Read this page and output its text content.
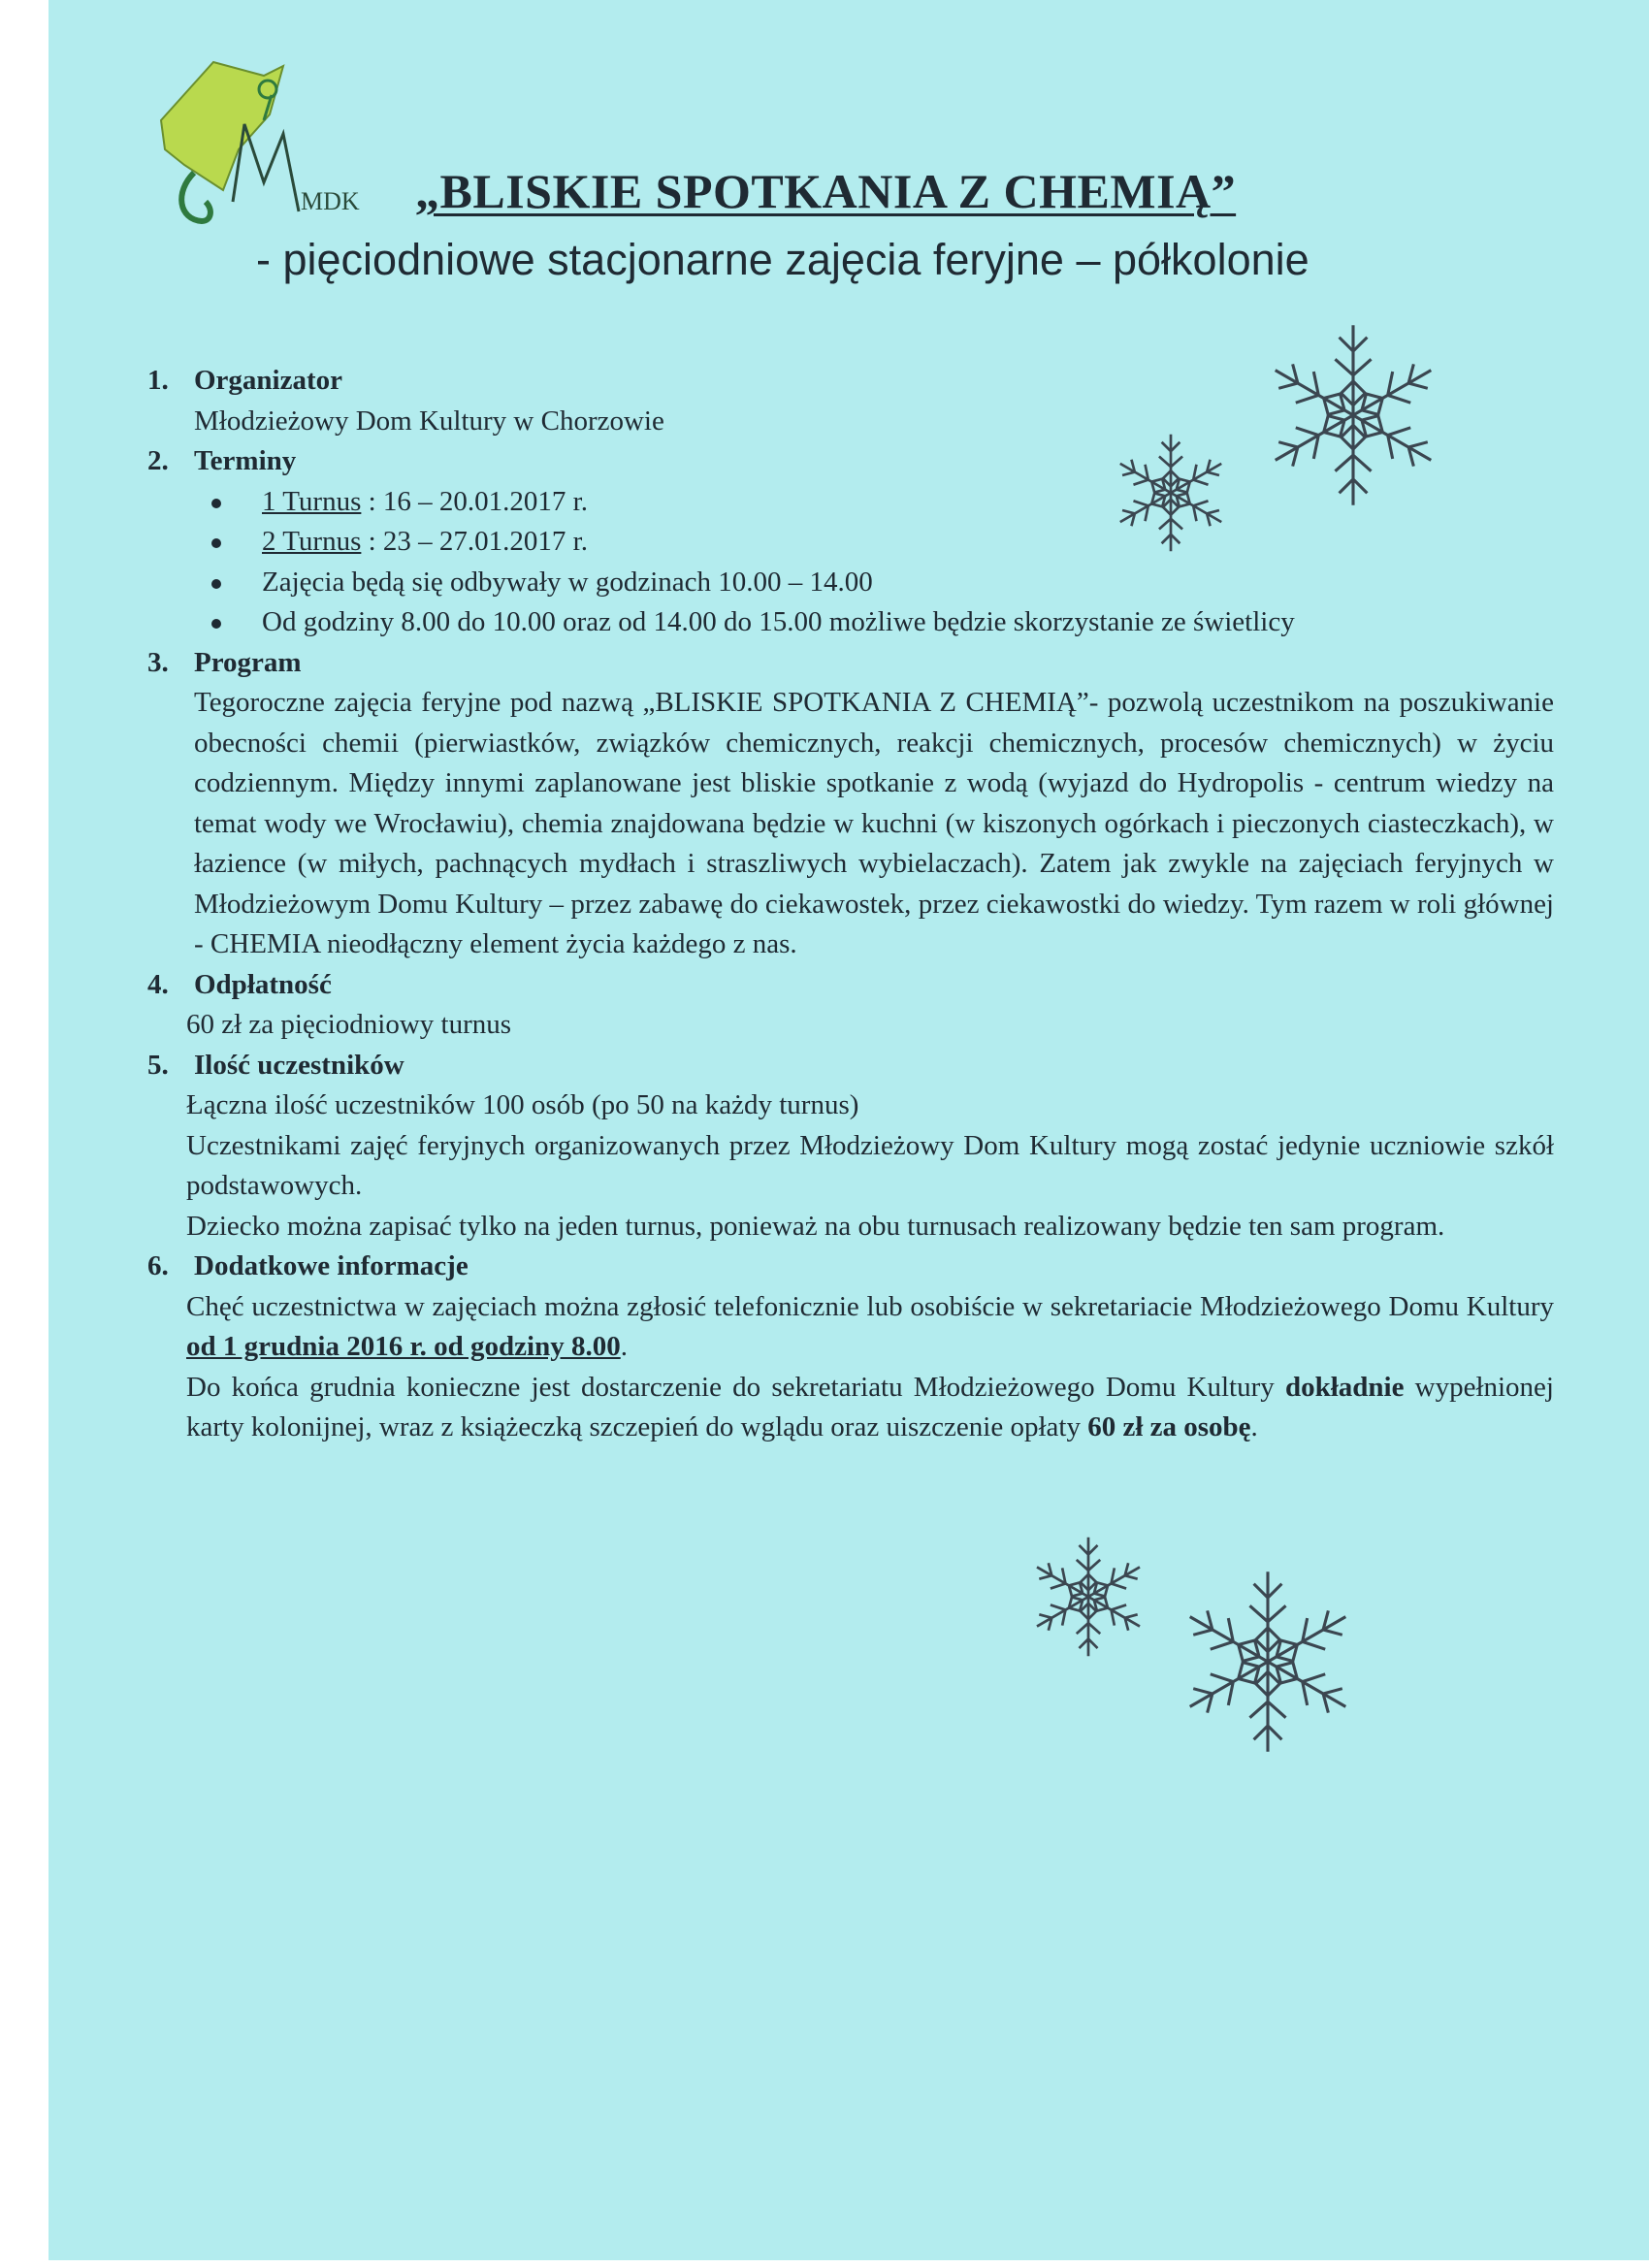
MDK „BLISKIE SPOTKANIA Z CHEMIĄ”
- pięciodniowe stacjonarne zajęcia feryjne – półkolonie
1. Organizator
Młodzieżowy Dom Kultury w Chorzowie
2. Terminy
1 Turnus : 16 – 20.01.2017 r.
2 Turnus : 23 – 27.01.2017 r.
Zajęcia będą się odbywały w godzinach 10.00 – 14.00
Od godziny 8.00 do 10.00 oraz od 14.00 do 15.00 możliwe będzie skorzystanie ze świetlicy
3. Program
Tegoroczne zajęcia feryjne pod nazwą „BLISKIE SPOTKANIA Z CHEMIĄ”- pozwolą uczestnikom na poszukiwanie obecności chemii (pierwiastków, związków chemicznych, reakcji chemicznych, procesów chemicznych) w życiu codziennym. Między innymi zaplanowane jest bliskie spotkanie z wodą (wyjazd do Hydropolis - centrum wiedzy na temat wody we Wrocławiu), chemia znajdowana będzie w kuchni (w kiszonych ogórkach i pieczonych ciasteczkach), w łazience (w miłych, pachnących mydłach i straszliwych wybielaczach). Zatem jak zwykle na zajęciach feryjnych w Młodzieżowym Domu Kultury – przez zabawę do ciekawostek, przez ciekawostki do wiedzy. Tym razem w roli głównej - CHEMIA nieodłączny element życia każdego z nas.
4. Odpłatność
60 zł za pięciodniowy turnus
5. Ilość uczestników
Łączna ilość uczestników 100 osób (po 50 na każdy turnus)
Uczestnikami zajęć feryjnych organizowanych przez Młodzieżowy Dom Kultury mogą zostać jedynie uczniowie szkół podstawowych.
Dziecko można zapisać tylko na jeden turnus, ponieważ na obu turnusach realizowany będzie ten sam program.
6. Dodatkowe informacje
Chęć uczestnictwa w zajęciach można zgłosić telefonicznie lub osobiście w sekretariacie Młodzieżowego Domu Kultury od 1 grudnia 2016 r. od godziny 8.00.
Do końca grudnia konieczne jest dostarczenie do sekretariatu Młodzieżowego Domu Kultury dokładnie wypełnionej karty kolonijnej, wraz z książeczką szczepień do wglądu oraz uiszczenie opłaty 60 zł za osobę.
